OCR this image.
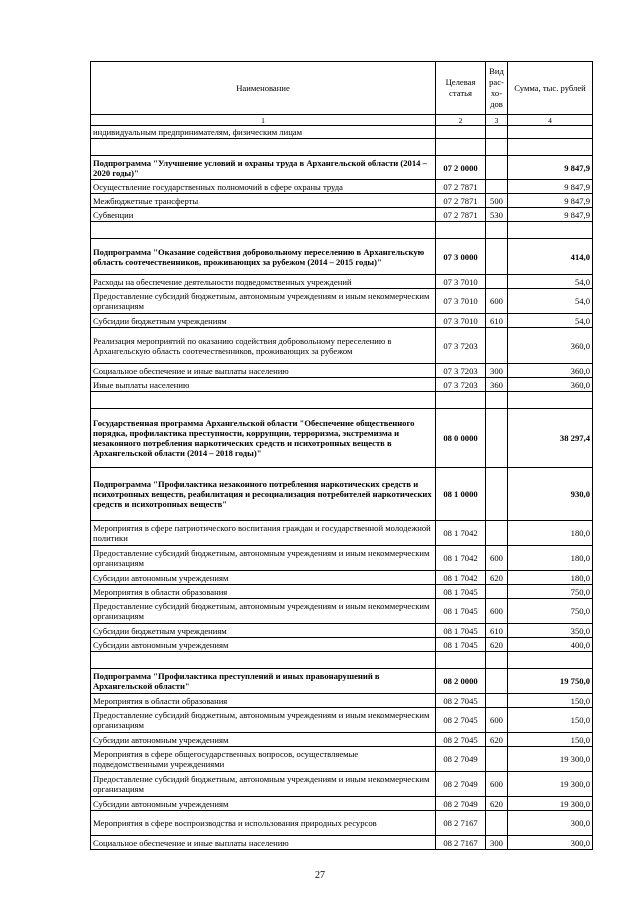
Наименование	Целевая статья	Вид рас-хо-дов	Сумма, тыс. рублей
1	2	3	4
индивидуальным предпринимателям, физическим лицам			

Подпрограмма "Улучшение условий и охраны труда в Архангельской области (2014 – 2020 годы)"	07 2 0000		9 847,9
Осуществление государственных полномочий в сфере охраны труда	07 2 7871		9 847,9
Межбюджетные трансферты	07 2 7871	500	9 847,9
Субвенции	07 2 7871	530	9 847,9

Подпрограмма "Оказание содействия добровольному переселению в Архангельскую область соотечественников, проживающих за рубежом (2014 – 2015 годы)"	07 3 0000		414,0
Расходы на обеспечение деятельности подведомственных учреждений	07 3 7010		54,0
Предоставление субсидий бюджетным, автономным учреждениям и иным некоммерческим организациям	07 3 7010	600	54,0
Субсидии бюджетным учреждениям	07 3 7010	610	54,0
Реализация мероприятий по оказанию содействия добровольному переселению в Архангельскую область соотечественников, проживающих за рубежом	07 3 7203		360,0
Социальное обеспечение и иные выплаты населению	07 3 7203	300	360,0
Иные выплаты населению	07 3 7203	360	360,0

Государственная программа Архангельской области "Обеспечение общественного порядка, профилактика преступности, коррупции, терроризма, экстремизма и незаконного потребления наркотических средств и психотропных веществ в Архангельской области (2014 – 2018 годы)"	08 0 0000		38 297,4
Подпрограмма "Профилактика незаконного потребления наркотических средств и психотропных веществ, реабилитация и ресоциализация потребителей наркотических средств и психотропных веществ"	08 1 0000		930,0
Мероприятия в сфере патриотического воспитания граждан и государственной молодежной политики	08 1 7042		180,0
Предоставление субсидий бюджетным, автономным учреждениям и иным некоммерческим организациям	08 1 7042	600	180,0
Субсидии автономным учреждениям	08 1 7042	620	180,0
Мероприятия в области образования	08 1 7045		750,0
Предоставление субсидий бюджетным, автономным учреждениям и иным некоммерческим организациям	08 1 7045	600	750,0
Субсидии бюджетным учреждениям	08 1 7045	610	350,0
Субсидии автономным учреждениям	08 1 7045	620	400,0

Подпрограмма "Профилактика преступлений и иных правонарушений в Архангельской области"	08 2 0000		19 750,0
Мероприятия в области образования	08 2 7045		150,0
Предоставление субсидий бюджетным, автономным учреждениям и иным некоммерческим организациям	08 2 7045	600	150,0
Субсидии автономным учреждениям	08 2 7045	620	150,0
Мероприятия в сфере общегосударственных вопросов, осуществляемые подведомственными учреждениями	08 2 7049		19 300,0
Предоставление субсидий бюджетным, автономным учреждениям и иным некоммерческим организациям	08 2 7049	600	19 300,0
Субсидии автономным учреждениям	08 2 7049	620	19 300,0
Мероприятия в сфере воспроизводства и использования природных ресурсов	08 2 7167		300,0
Социальное обеспечение и иные выплаты населению	08 2 7167	300	300,0
27
